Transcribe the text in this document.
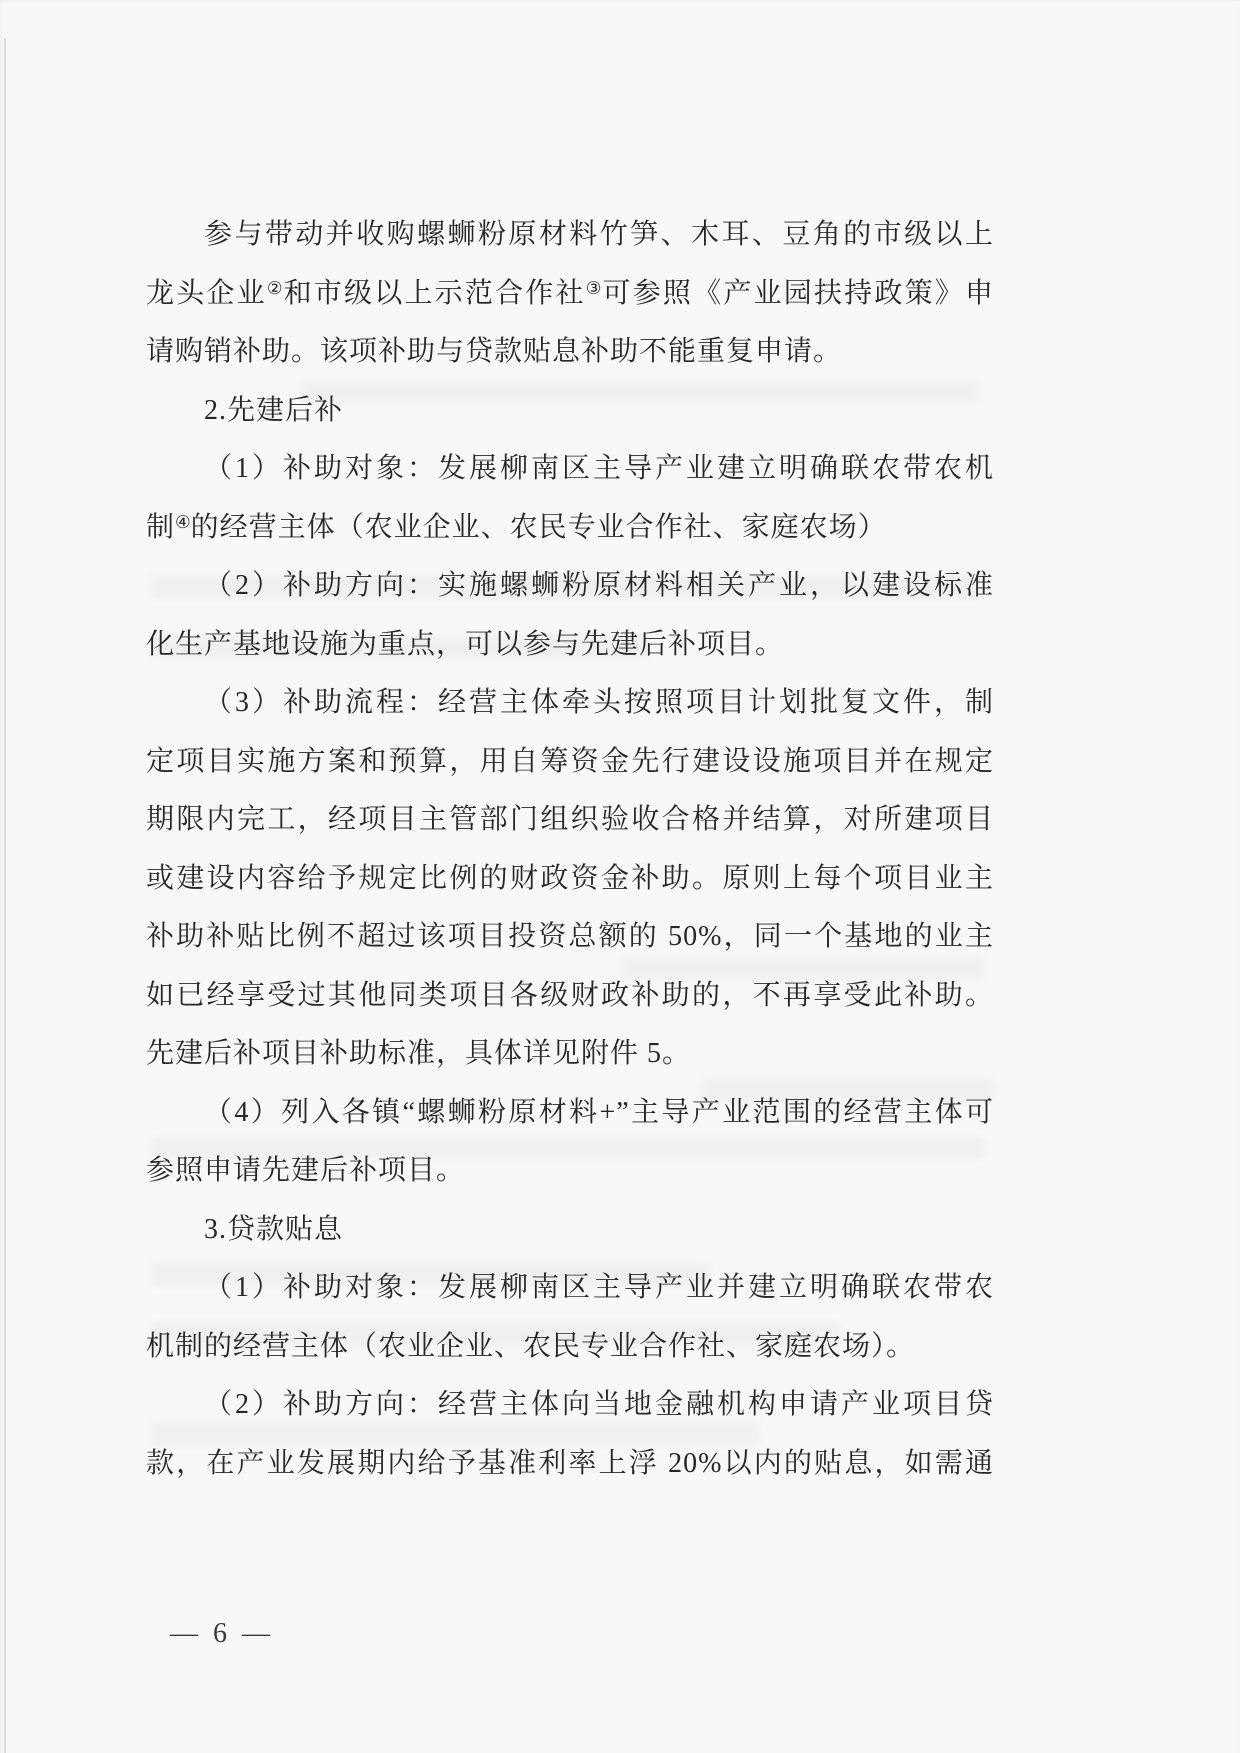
参与带动并收购螺蛳粉原材料竹笋、木耳、豆角的市级以上
龙头企业②和市级以上示范合作社③可参照《产业园扶持政策》申
请购销补助。该项补助与贷款贴息补助不能重复申请。
2.先建后补
（1）补助对象：发展柳南区主导产业建立明确联农带农机
制④的经营主体（农业企业、农民专业合作社、家庭农场）
（2）补助方向：实施螺蛳粉原材料相关产业，以建设标准
化生产基地设施为重点，可以参与先建后补项目。
（3）补助流程：经营主体牵头按照项目计划批复文件，制
定项目实施方案和预算，用自筹资金先行建设设施项目并在规定
期限内完工，经项目主管部门组织验收合格并结算，对所建项目
或建设内容给予规定比例的财政资金补助。原则上每个项目业主
补助补贴比例不超过该项目投资总额的 50%，同一个基地的业主
如已经享受过其他同类项目各级财政补助的，不再享受此补助。
先建后补项目补助标准，具体详见附件 5。
（4）列入各镇“螺蛳粉原材料+”主导产业范围的经营主体可
参照申请先建后补项目。
3.贷款贴息
（1）补助对象：发展柳南区主导产业并建立明确联农带农
机制的经营主体（农业企业、农民专业合作社、家庭农场）。
（2）补助方向：经营主体向当地金融机构申请产业项目贷
款，在产业发展期内给予基准利率上浮 20%以内的贴息，如需通
— 6 —
